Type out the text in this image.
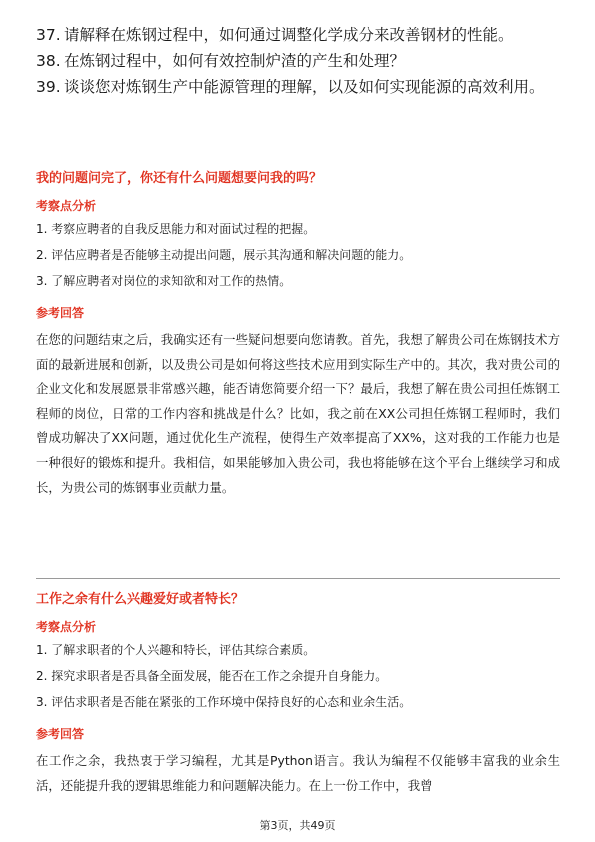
37. 请解释在炼钢过程中，如何通过调整化学成分来改善钢材的性能。
38. 在炼钢过程中，如何有效控制炉渣的产生和处理？
39. 谈谈您对炼钢生产中能源管理的理解，以及如何实现能源的高效利用。
我的问题问完了，你还有什么问题想要问我的吗？
考察点分析
1. 考察应聘者的自我反思能力和对面试过程的把握。
2. 评估应聘者是否能够主动提出问题，展示其沟通和解决问题的能力。
3. 了解应聘者对岗位的求知欲和对工作的热情。
参考回答

在您的问题结束之后，我确实还有一些疑问想要向您请教。首先，我想了解贵公司在炼钢技术方面的最新进展和创新，以及贵公司是如何将这些技术应用到实际生产中的。其次，我对贵公司的企业文化和发展愿景非常感兴趣，能否请您简要介绍一下？最后，我想了解在贵公司担任炼钢工程师的岗位，日常的工作内容和挑战是什么？比如，我之前在XX公司担任炼钢工程师时，我们曾成功解决了XX问题，通过优化生产流程，使得生产效率提高了XX%，这对我的工作能力也是一种很好的锻炼和提升。我相信，如果能够加入贵公司，我也将能够在这个平台上继续学习和成长，为贵公司的炼钢事业贡献力量。

工作之余有什么兴趣爱好或者特长？
考察点分析
1. 了解求职者的个人兴趣和特长，评估其综合素质。
2. 探究求职者是否具备全面发展，能否在工作之余提升自身能力。
3. 评估求职者是否能在紧张的工作环境中保持良好的心态和业余生活。
参考回答

在工作之余，我热衷于学习编程，尤其是Python语言。我认为编程不仅能够丰富我的业余生活，还能提升我的逻辑思维能力和问题解决能力。在上一份工作中，我曾

第3页，共49页
